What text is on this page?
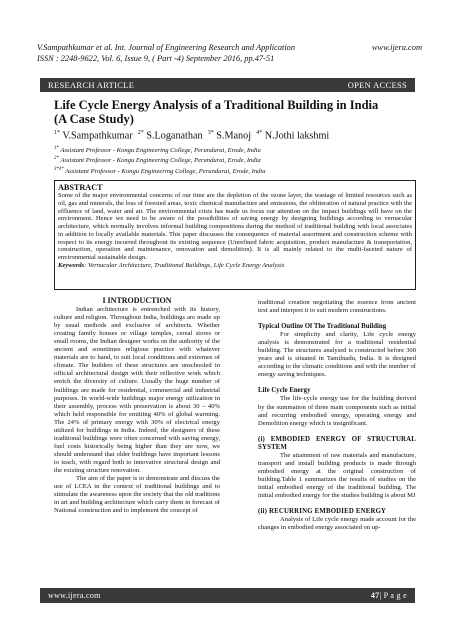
V.Sampathkumar et al. Int. Journal of Engineering Research and Application	www.ijera.com
ISSN : 2248-9622, Vol. 6, Issue 9, ( Part -4) September 2016, pp.47-51
RESEARCH ARTICLE	OPEN ACCESS
Life Cycle Energy Analysis of a Traditional Building in India
(A Case Study)
$^{1*}$ V.Sampathkumar $^{2*}$ S.Loganathan $^{3*}$ S.Manoj $^{4*}$ N.Jothi lakshmi
$^{1*}$ Assistant Professor - Kongu Engineering College, Perundurai, Erode, India
$^{2*}$ Assistant Professor - Kongu Engineering College, Perundurai, Erode, India
$^{3*4*}$ Assistant Professor - Kongu Engineering College, Perundurai, Erode, India
ABSTRACT
Some of the major environmental concerns of our time are the depletion of the ozone layer, the wastage of limited resources such as oil, gas and minerals, the loss of forested areas, toxic chemical manufacture and emissions, the obliteration of natural practice with the effluence of land, water and air. The environmental crisis has made us focus our attention on the impact buildings will have on the environment. Hence we need to be aware of the possibilities of saving energy by designing buildings according to vernacular architecture, which normally involves informal building compositions during the method of traditional building with local associates in addition to locally available materials. This paper discusses the consequence of material assortment and construction scheme with respect to its energy incurred throughout its existing sequence (Unrefined fabric acquisition, product manufacture & transportation, construction, operation and maintenance, renovation and demolition). It is all mainly related to the multi-faceted nature of environmental sustainable design.
Keywords: Vernacular Architecture, Traditional Buildings, Life Cycle Energy Analysis
I INTRODUCTION

Indian architecture is entrenched with its history, culture and religion. Throughout India, buildings are made up by usual methods and exclusive of architects. Whether creating family houses or village temples, cereal stores or small rooms, the Indian designer works on the authority of the ancient and sometimes religious practice with whatever materials are to hand, to suit local conditions and extremes of climate. The builders of these structures are unschooled in official architectural design with their reflective work which enrich the diversity of culture. Usually the huge number of buildings are made for residential, commercial and industrial purposes. In world-wide buildings major energy utilization in their assembly, process with preservation is about 30 – 40% which held responsible for emitting 40% of global warming. The 24% of primary energy with 30% of electrical energy utilized for buildings in India. Indeed, the designers of these traditional buildings were often concerned with saving energy, fuel costs historically being higher than they are now, we should understand that older buildings have important lessons to teach, with regard both to innovative structural design and the existing structure renovation.

The aim of the paper is to demonstrate and discuss the use of LCEA in the context of traditional buildings and to stimulate the awareness upon the society that the old traditions in art and building architecture which carry them in forecast of National construction and to implement the concept of

traditional creation negotiating the essence from ancient text and interpret it to suit modern constructions.

Typical Outline Of The Traditional Building

For simplicity and clarity, Life cycle energy analysis is demonstrated for a traditional residential building. The structures analysed is constructed before 300 years and is situated in Tamilnadu, India. It is designed according to the climatic conditions and with the number of energy saving techniques.

Life Cycle Energy

The life-cycle energy use for the building derived by the summation of three main components such as initial and recurring embodied energy, operating energy and Demolition energy which is insignificant.

(i) EMBODIED ENERGY OF STRUCTURAL SYSTEM

The attainment of raw materials and manufacture, transport and install building products is made through embodied energy at the original construction of building.Table 1 summarizes the results of studies on the initial embodied energy of the traditional building. The initial embodied energy for the studies building is about MJ

(ii) RECURRING EMBODIED ENERGY

Analysis of Life cycle energy made account for the changes in embodied energy associated on up-

www.ijera.com	47| P a g e
